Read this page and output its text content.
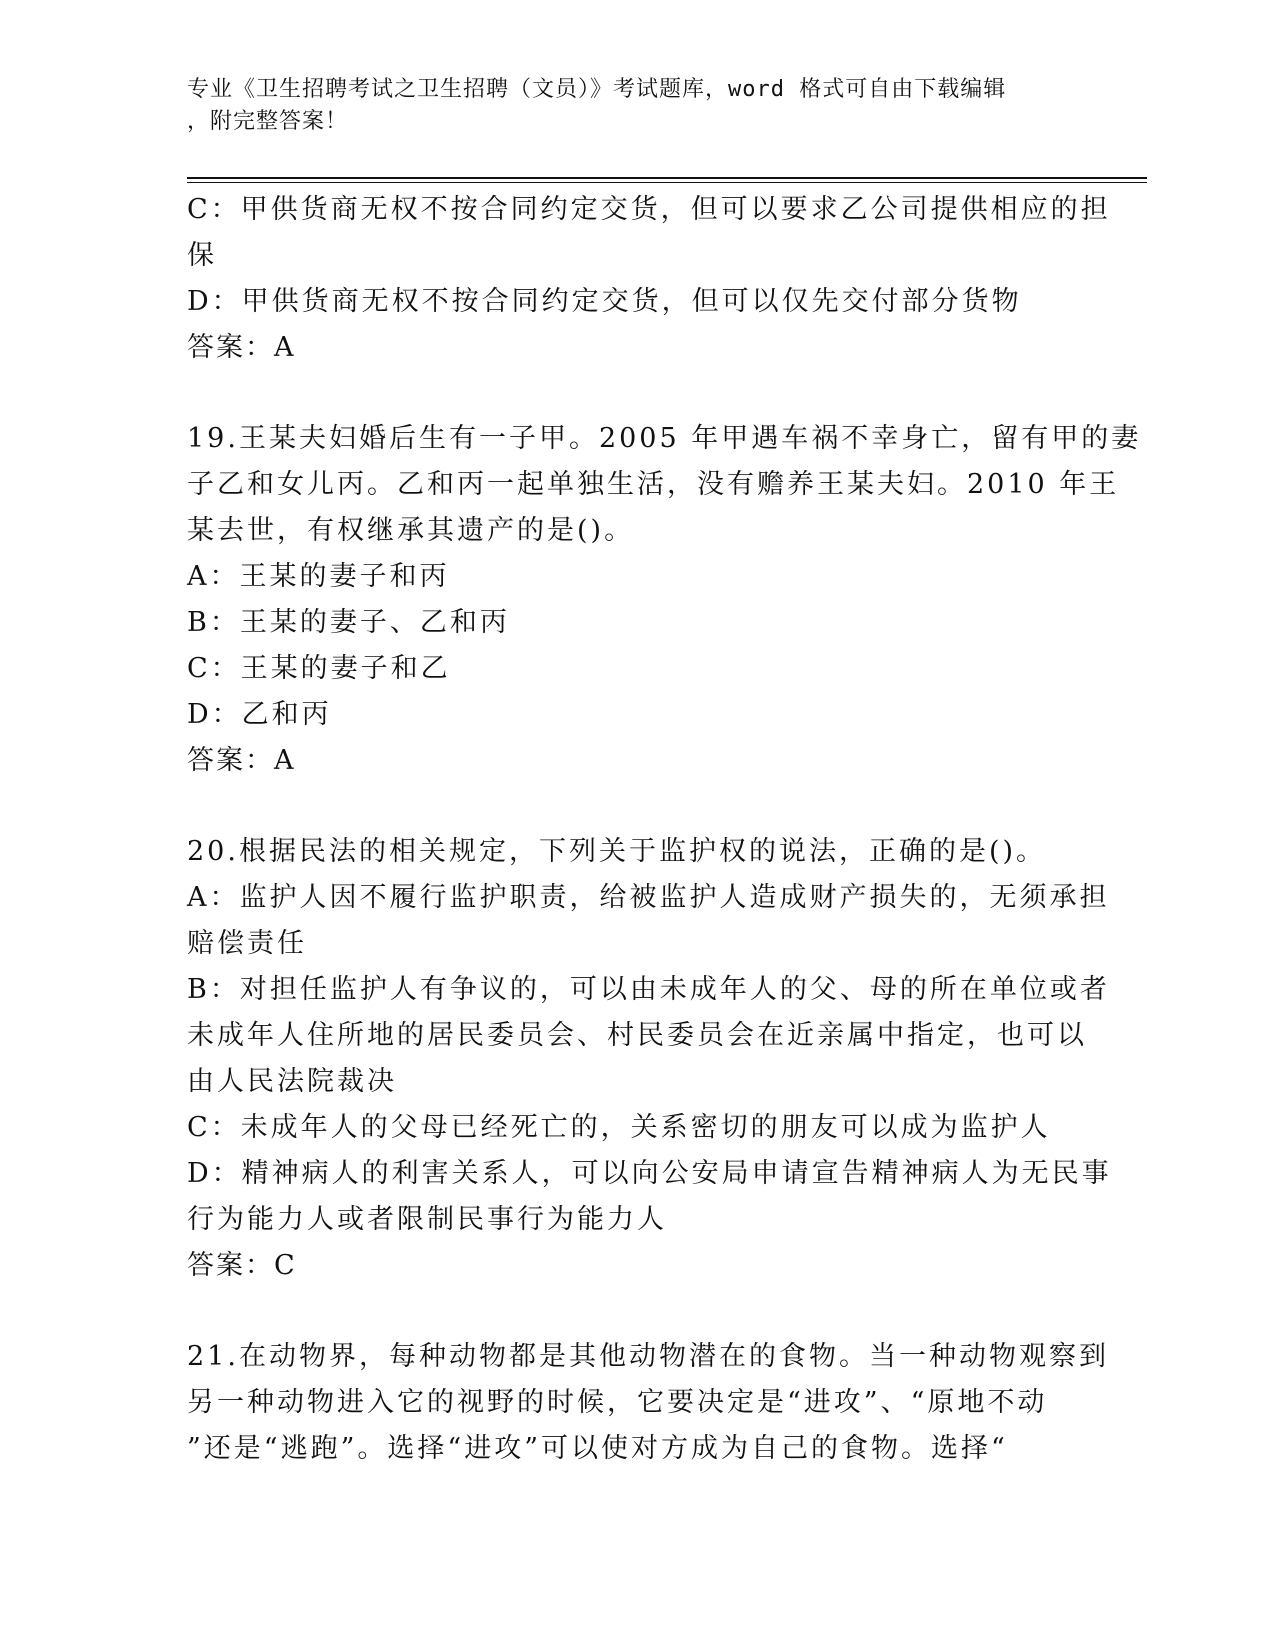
专业《卫生招聘考试之卫生招聘（文员）》考试题库，word 格式可自由下载编辑
，附完整答案！
C：甲供货商无权不按合同约定交货，但可以要求乙公司提供相应的担
保
D：甲供货商无权不按合同约定交货，但可以仅先交付部分货物
答案：A
19.王某夫妇婚后生有一子甲。2005 年甲遇车祸不幸身亡，留有甲的妻
子乙和女儿丙。乙和丙一起单独生活，没有赡养王某夫妇。2010 年王
某去世，有权继承其遗产的是()。
A：王某的妻子和丙
B：王某的妻子、乙和丙
C：王某的妻子和乙
D：乙和丙
答案：A
20.根据民法的相关规定，下列关于监护权的说法，正确的是()。
A：监护人因不履行监护职责，给被监护人造成财产损失的，无须承担
赔偿责任
B：对担任监护人有争议的，可以由未成年人的父、母的所在单位或者
未成年人住所地的居民委员会、村民委员会在近亲属中指定，也可以
由人民法院裁决
C：未成年人的父母已经死亡的，关系密切的朋友可以成为监护人
D：精神病人的利害关系人，可以向公安局申请宣告精神病人为无民事
行为能力人或者限制民事行为能力人
答案：C
21.在动物界，每种动物都是其他动物潜在的食物。当一种动物观察到
另一种动物进入它的视野的时候，它要决定是“进攻”、“原地不动
”还是“逃跑”。选择“进攻”可以使对方成为自己的食物。选择“
